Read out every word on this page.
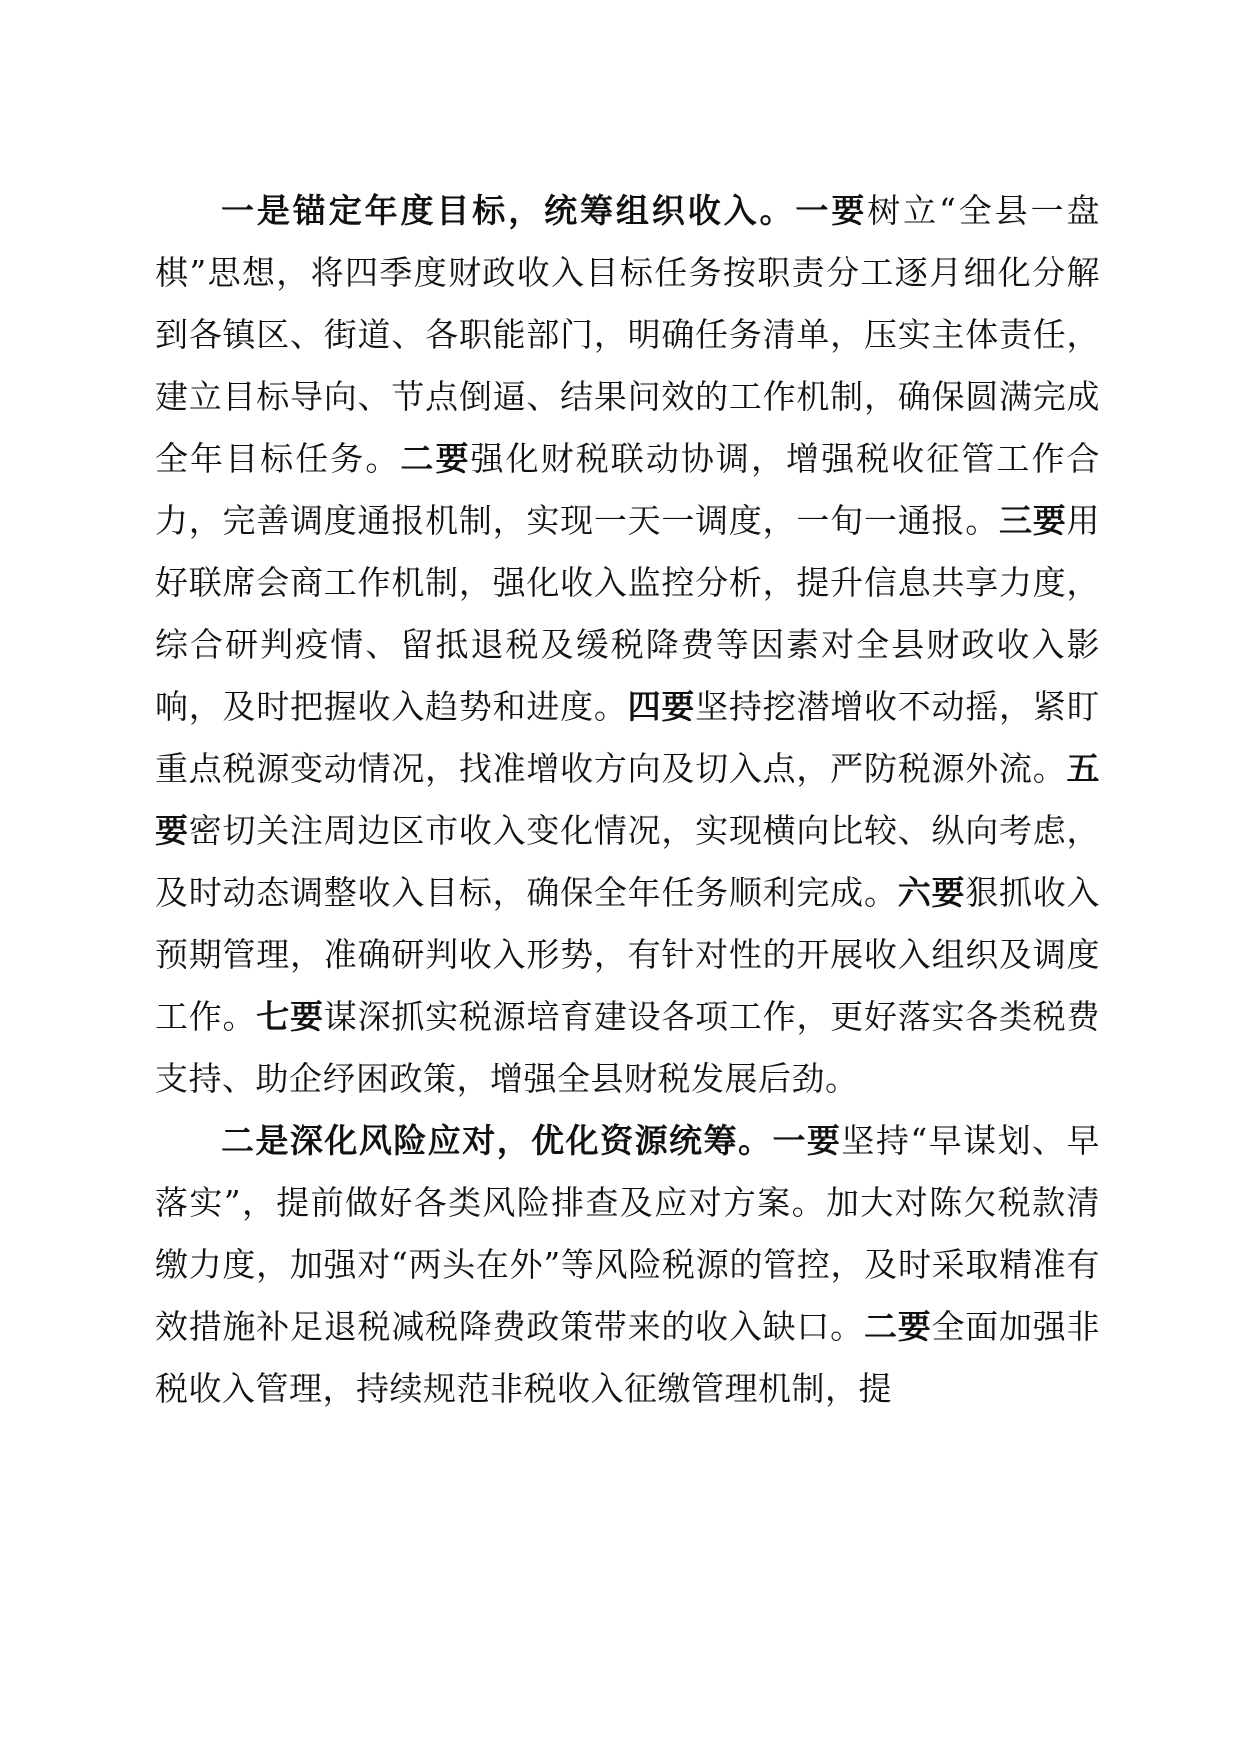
一是锚定年度目标，统筹组织收入。一要树立“全县一盘棋”思想，将四季度财政收入目标任务按职责分工逐月细化分解到各镇区、街道、各职能部门，明确任务清单，压实主体责任，建立目标导向、节点倒逼、结果问效的工作机制，确保圆满完成全年目标任务。二要强化财税联动协调，增强税收征管工作合力，完善调度通报机制，实现一天一调度，一旬一通报。三要用好联席会商工作机制，强化收入监控分析，提升信息共享力度，综合研判疫情、留抵退税及缓税降费等因素对全县财政收入影响，及时把握收入趋势和进度。四要坚持挖潜增收不动摇，紧盯重点税源变动情况，找准增收方向及切入点，严防税源外流。五要密切关注周边区市收入变化情况，实现横向比较、纵向考虑，及时动态调整收入目标，确保全年任务顺利完成。六要狠抓收入预期管理，准确研判收入形势，有针对性的开展收入组织及调度工作。七要谋深抓实税源培育建设各项工作，更好落实各类税费支持、助企纾困政策，增强全县财税发展后劲。

二是深化风险应对，优化资源统筹。一要坚持“早谋划、早落实”，提前做好各类风险排查及应对方案。加大对陈欠税款清缴力度，加强对“两头在外”等风险税源的管控，及时采取精准有效措施补足退税减税降费政策带来的收入缺口。二要全面加强非税收入管理，持续规范非税收入征缴管理机制，提
